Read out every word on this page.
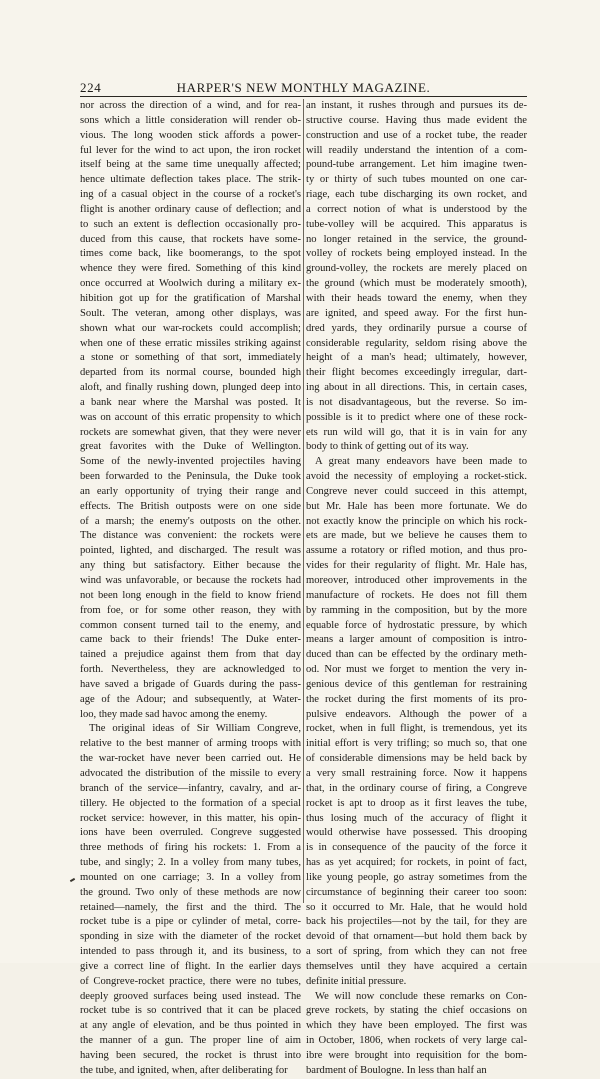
224	HARPER'S NEW MONTHLY MAGAZINE.
nor across the direction of a wind, and for rea-
sons which a little consideration will render ob-
vious. The long wooden stick affords a power-
ful lever for the wind to act upon, the iron rocket
itself being at the same time unequally affected;
hence ultimate deflection takes place. The strik-
ing of a casual object in the course of a rocket's
flight is another ordinary cause of deflection; and
to such an extent is deflection occasionally pro-
duced from this cause, that rockets have some-
times come back, like boomerangs, to the spot
whence they were fired. Something of this kind
once occurred at Woolwich during a military ex-
hibition got up for the gratification of Marshal
Soult. The veteran, among other displays, was
shown what our war-rockets could accomplish;
when one of these erratic missiles striking against
a stone or something of that sort, immediately
departed from its normal course, bounded high
aloft, and finally rushing down, plunged deep into
a bank near where the Marshal was posted. It
was on account of this erratic propensity to which
rockets are somewhat given, that they were never
great favorites with the Duke of Wellington.
Some of the newly-invented projectiles having
been forwarded to the Peninsula, the Duke took
an early opportunity of trying their range and
effects. The British outposts were on one side
of a marsh; the enemy's outposts on the other.
The distance was convenient: the rockets were
pointed, lighted, and discharged. The result was
any thing but satisfactory. Either because the
wind was unfavorable, or because the rockets had
not been long enough in the field to know friend
from foe, or for some other reason, they with
common consent turned tail to the enemy, and
came back to their friends! The Duke enter-
tained a prejudice against them from that day
forth. Nevertheless, they are acknowledged to
have saved a brigade of Guards during the pass-
age of the Adour; and subsequently, at Water-
loo, they made sad havoc among the enemy.
The original ideas of Sir William Congreve,
relative to the best manner of arming troops with
the war-rocket have never been carried out. He
advocated the distribution of the missile to every
branch of the service—infantry, cavalry, and ar-
tillery. He objected to the formation of a special
rocket service: however, in this matter, his opin-
ions have been overruled. Congreve suggested
three methods of firing his rockets: 1. From a
tube, and singly; 2. In a volley from many tubes,
mounted on one carriage; 3. In a volley from
the ground. Two only of these methods are now
retained—namely, the first and the third. The
rocket tube is a pipe or cylinder of metal, corre-
sponding in size with the diameter of the rocket
intended to pass through it, and its business, to
give a correct line of flight. In the earlier days
of Congreve-rocket practice, there were no tubes,
deeply grooved surfaces being used instead. The
rocket tube is so contrived that it can be placed
at any angle of elevation, and be thus pointed in
the manner of a gun. The proper line of aim
having been secured, the rocket is thrust into
the tube, and ignited, when, after deliberating for
an instant, it rushes through and pursues its de-
structive course. Having thus made evident the
construction and use of a rocket tube, the reader
will readily understand the intention of a com-
pound-tube arrangement. Let him imagine twen-
ty or thirty of such tubes mounted on one car-
riage, each tube discharging its own rocket, and
a correct notion of what is understood by the
tube-volley will be acquired. This apparatus is
no longer retained in the service, the ground-
volley of rockets being employed instead. In the
ground-volley, the rockets are merely placed on
the ground (which must be moderately smooth),
with their heads toward the enemy, when they
are ignited, and speed away. For the first hun-
dred yards, they ordinarily pursue a course of
considerable regularity, seldom rising above the
height of a man's head; ultimately, however,
their flight becomes exceedingly irregular, dart-
ing about in all directions. This, in certain cases,
is not disadvantageous, but the reverse. So im-
possible is it to predict where one of these rock-
ets run wild will go, that it is in vain for any
body to think of getting out of its way.
A great many endeavors have been made to
avoid the necessity of employing a rocket-stick.
Congreve never could succeed in this attempt,
but Mr. Hale has been more fortunate. We do
not exactly know the principle on which his rock-
ets are made, but we believe he causes them to
assume a rotatory or rifled motion, and thus pro-
vides for their regularity of flight. Mr. Hale has,
moreover, introduced other improvements in the
manufacture of rockets. He does not fill them
by ramming in the composition, but by the more
equable force of hydrostatic pressure, by which
means a larger amount of composition is intro-
duced than can be effected by the ordinary meth-
od. Nor must we forget to mention the very in-
genious device of this gentleman for restraining
the rocket during the first moments of its pro-
pulsive endeavors. Although the power of a
rocket, when in full flight, is tremendous, yet its
initial effort is very trifling; so much so, that one
of considerable dimensions may be held back by
a very small restraining force. Now it happens
that, in the ordinary course of firing, a Congreve
rocket is apt to droop as it first leaves the tube,
thus losing much of the accuracy of flight it
would otherwise have possessed. This drooping
is in consequence of the paucity of the force it
has as yet acquired; for rockets, in point of fact,
like young people, go astray sometimes from the
circumstance of beginning their career too soon:
so it occurred to Mr. Hale, that he would hold
back his projectiles—not by the tail, for they are
devoid of that ornament—but hold them back by
a sort of spring, from which they can not free
themselves until they have acquired a certain
definite initial pressure.
We will now conclude these remarks on Con-
greve rockets, by stating the chief occasions on
which they have been employed. The first was
in October, 1806, when rockets of very large cal-
ibre were brought into requisition for the bom-
bardment of Boulogne. In less than half an
